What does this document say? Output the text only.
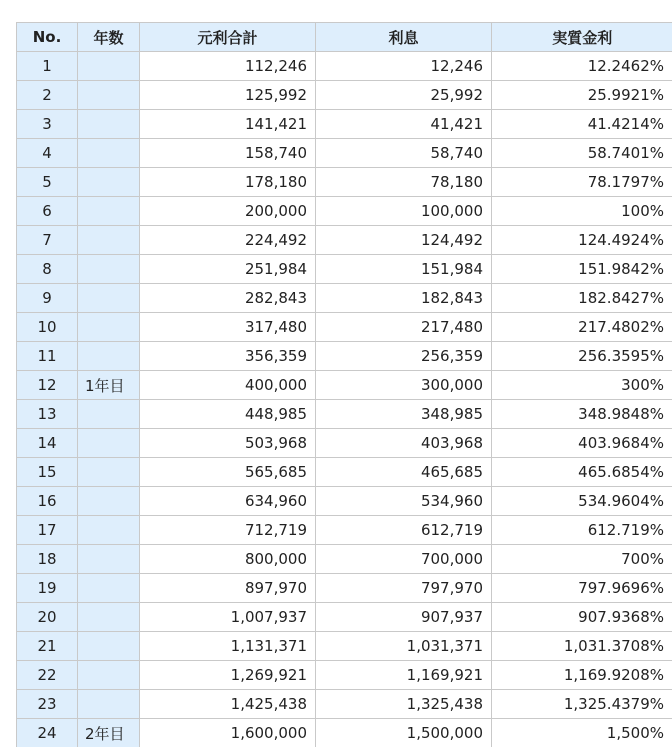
No.	年数	元利合計	利息	実質金利
1		112,246	12,246	12.2462%
2		125,992	25,992	25.9921%
3		141,421	41,421	41.4214%
4		158,740	58,740	58.7401%
5		178,180	78,180	78.1797%
6		200,000	100,000	100%
7		224,492	124,492	124.4924%
8		251,984	151,984	151.9842%
9		282,843	182,843	182.8427%
10		317,480	217,480	217.4802%
11		356,359	256,359	256.3595%
12	1年目	400,000	300,000	300%
13		448,985	348,985	348.9848%
14		503,968	403,968	403.9684%
15		565,685	465,685	465.6854%
16		634,960	534,960	534.9604%
17		712,719	612,719	612.719%
18		800,000	700,000	700%
19		897,970	797,970	797.9696%
20		1,007,937	907,937	907.9368%
21		1,131,371	1,031,371	1,031.3708%
22		1,269,921	1,169,921	1,169.9208%
23		1,425,438	1,325,438	1,325.4379%
24	2年目	1,600,000	1,500,000	1,500%
